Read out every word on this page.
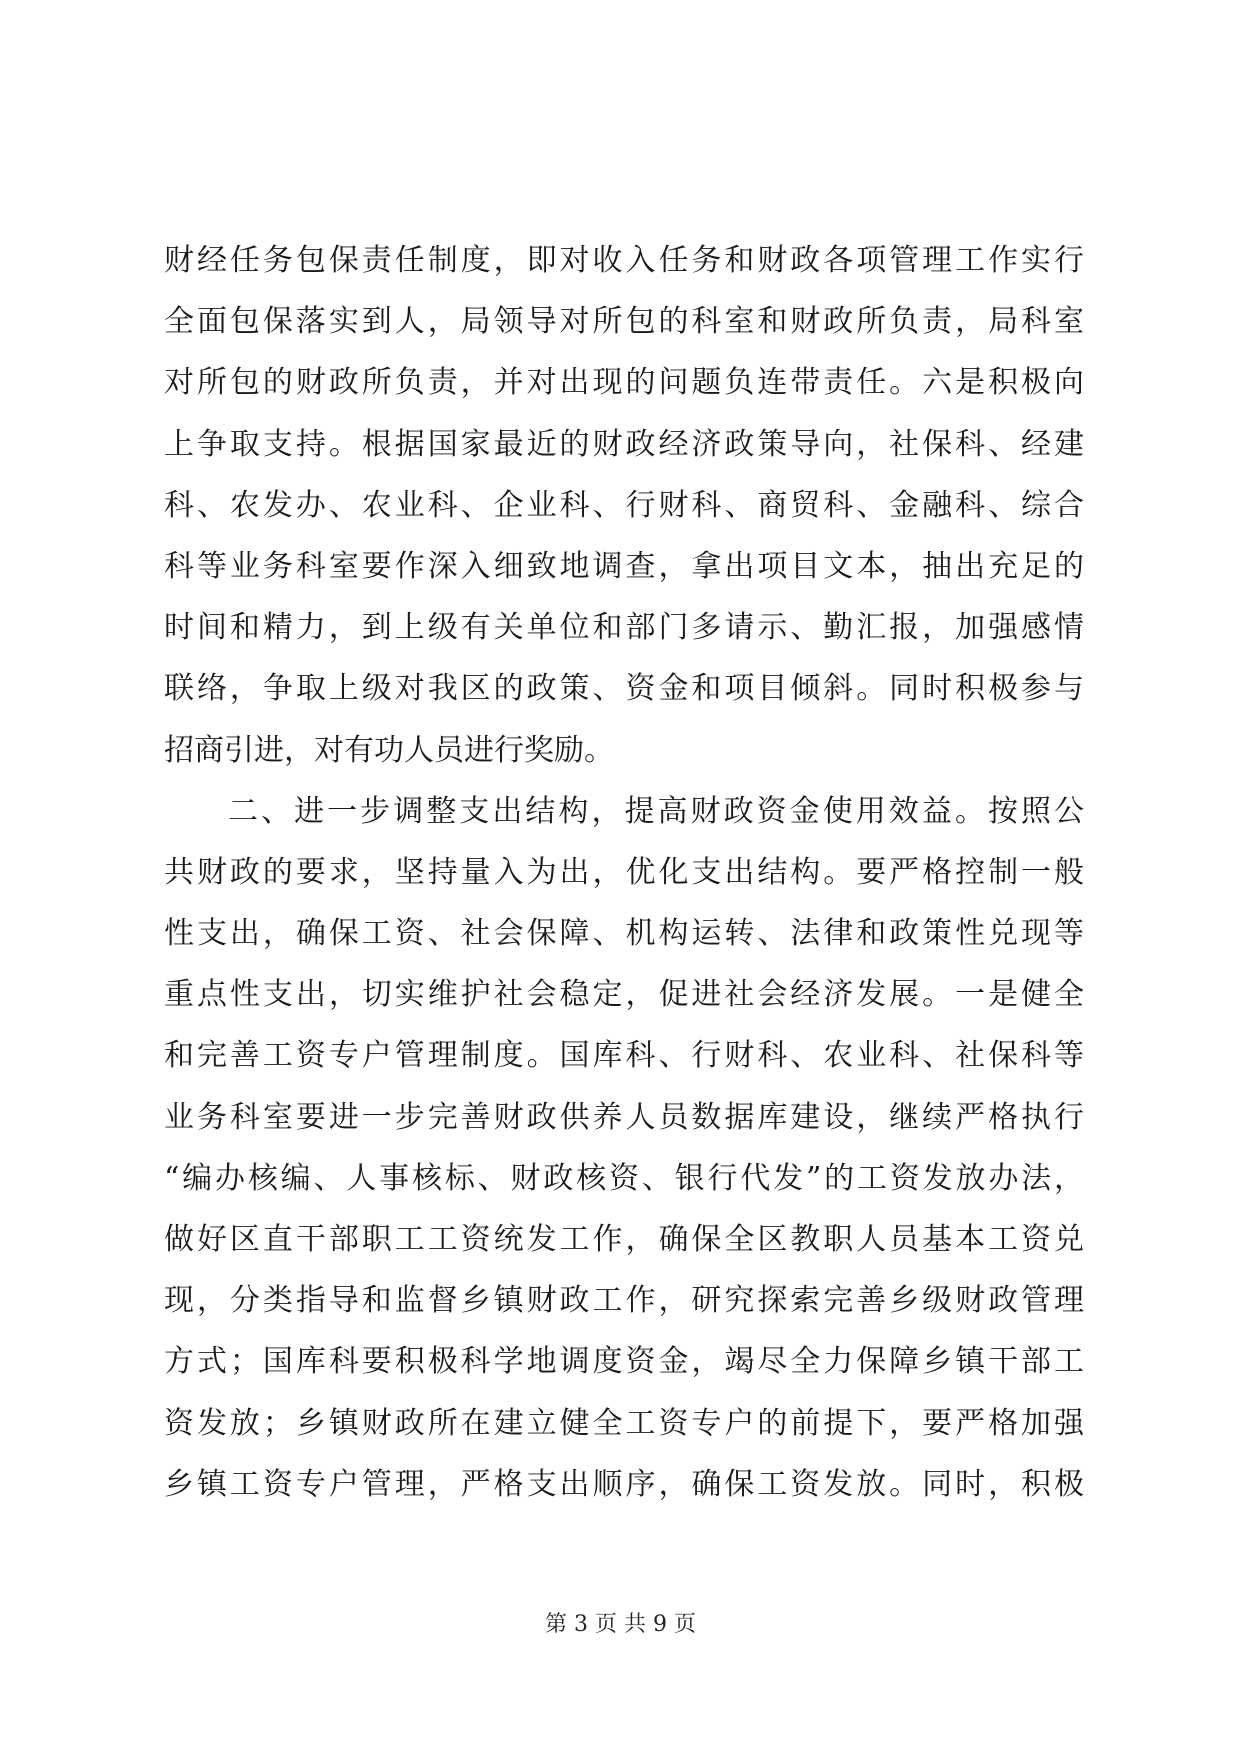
财经任务包保责任制度，即对收入任务和财政各项管理工作实行
全面包保落实到人，局领导对所包的科室和财政所负责，局科室
对所包的财政所负责，并对出现的问题负连带责任。六是积极向
上争取支持。根据国家最近的财政经济政策导向，社保科、经建
科、农发办、农业科、企业科、行财科、商贸科、金融科、综合
科等业务科室要作深入细致地调查，拿出项目文本，抽出充足的
时间和精力，到上级有关单位和部门多请示、勤汇报，加强感情
联络，争取上级对我区的政策、资金和项目倾斜。同时积极参与
招商引进，对有功人员进行奖励。
二、进一步调整支出结构，提高财政资金使用效益。按照公
共财政的要求，坚持量入为出，优化支出结构。要严格控制一般
性支出，确保工资、社会保障、机构运转、法律和政策性兑现等
重点性支出，切实维护社会稳定，促进社会经济发展。一是健全
和完善工资专户管理制度。国库科、行财科、农业科、社保科等
业务科室要进一步完善财政供养人员数据库建设，继续严格执行
“编办核编、人事核标、财政核资、银行代发”的工资发放办法，
做好区直干部职工工资统发工作，确保全区教职人员基本工资兑
现，分类指导和监督乡镇财政工作，研究探索完善乡级财政管理
方式；国库科要积极科学地调度资金，竭尽全力保障乡镇干部工
资发放；乡镇财政所在建立健全工资专户的前提下，要严格加强
乡镇工资专户管理，严格支出顺序，确保工资发放。同时，积极
第 3 页 共 9 页
